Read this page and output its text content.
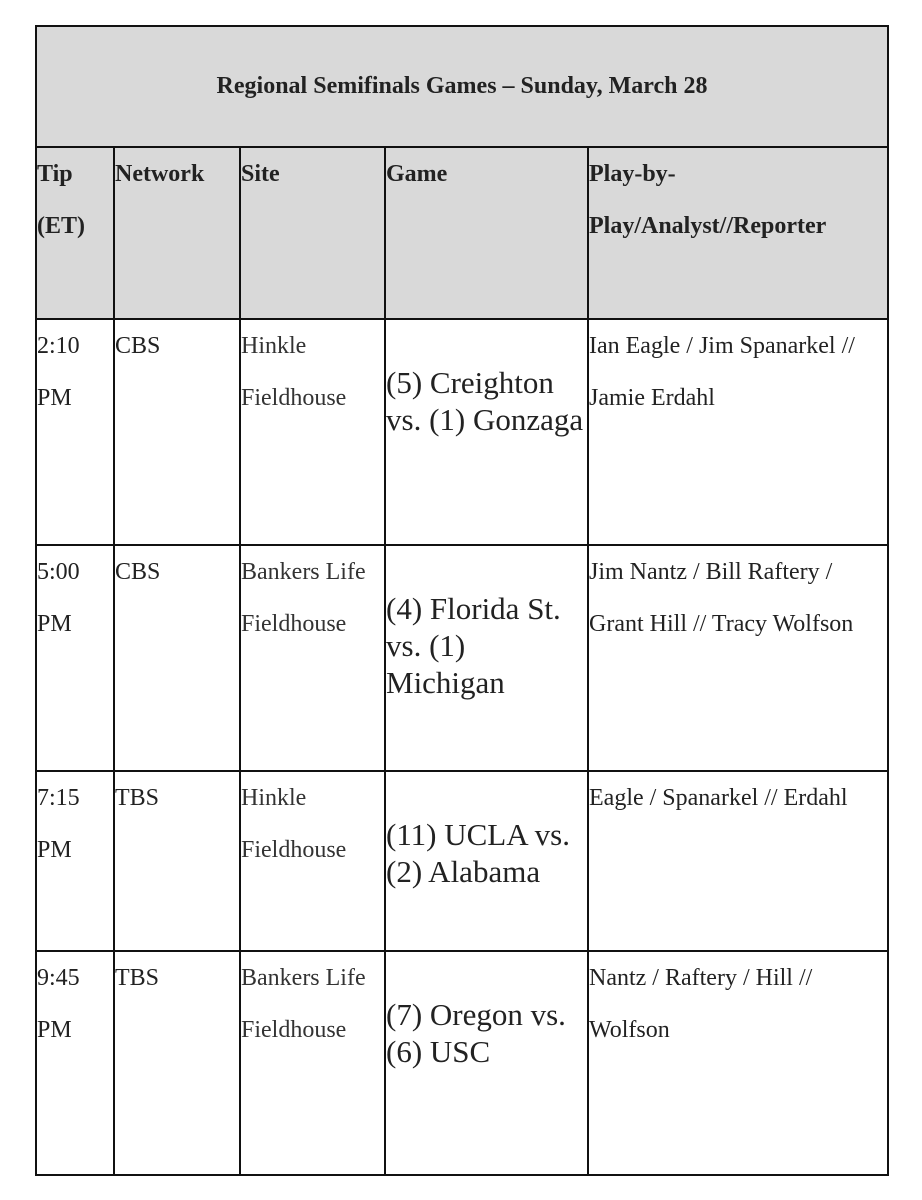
Regional Semifinals Games – Sunday, March 28				
Tip (ET)	Network	Site	Game	Play-by-Play/Analyst//Reporter
2:10 PM	CBS	Hinkle Fieldhouse	(5) Creighton vs. (1) Gonzaga	Ian Eagle / Jim Spanarkel // Jamie Erdahl
5:00 PM	CBS	Bankers Life Fieldhouse	(4) Florida St. vs. (1) Michigan	Jim Nantz / Bill Raftery / Grant Hill // Tracy Wolfson
7:15 PM	TBS	Hinkle Fieldhouse	(11) UCLA vs. (2) Alabama	Eagle / Spanarkel // Erdahl
9:45 PM	TBS	Bankers Life Fieldhouse	(7) Oregon vs. (6) USC	Nantz / Raftery / Hill // Wolfson
